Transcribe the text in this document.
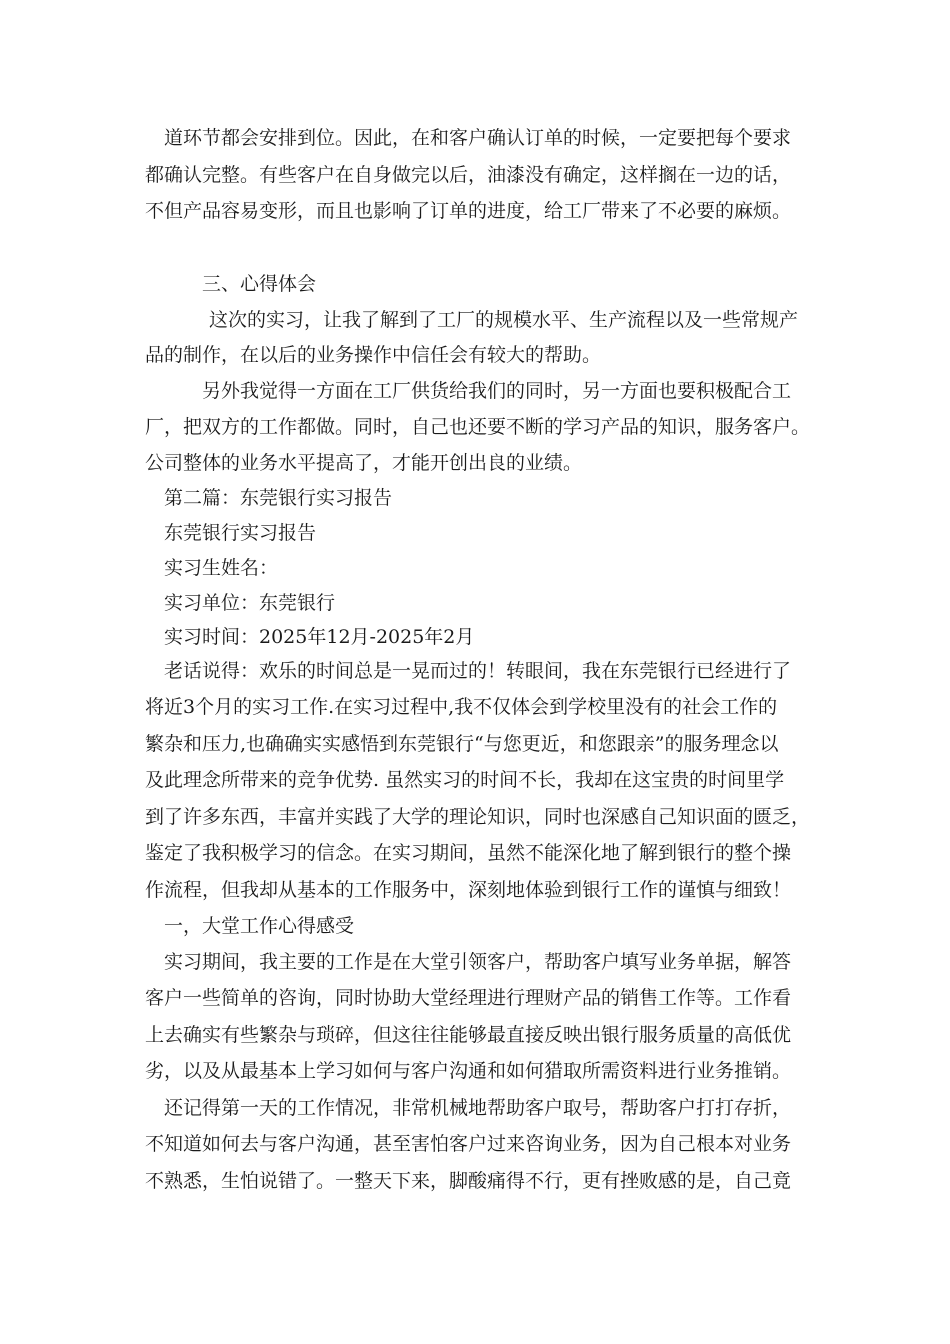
道环节都会安排到位。因此，在和客户确认订单的时候，一定要把每个要求
都确认完整。有些客户在自身做完以后，油漆没有确定，这样搁在一边的话，
不但产品容易变形，而且也影响了订单的进度，给工厂带来了不必要的麻烦。
三、心得体会
这次的实习，让我了解到了工厂的规模水平、生产流程以及一些常规产
品的制作，在以后的业务操作中信任会有较大的帮助。
另外我觉得一方面在工厂供货给我们的同时，另一方面也要积极配合工
厂，把双方的工作都做。同时，自己也还要不断的学习产品的知识，服务客户。
公司整体的业务水平提高了，才能开创出良的业绩。
第二篇：东莞银行实习报告
东莞银行实习报告
实习生姓名：
实习单位：东莞银行
实习时间：2025年12月-2025年2月
老话说得：欢乐的时间总是一晃而过的！转眼间，我在东莞银行已经进行了
将近3个月的实习工作.在实习过程中,我不仅体会到学校里没有的社会工作的
繁杂和压力,也确确实实感悟到东莞银行“与您更近，和您跟亲”的服务理念以
及此理念所带来的竞争优势. 虽然实习的时间不长，我却在这宝贵的时间里学
到了许多东西，丰富并实践了大学的理论知识，同时也深感自己知识面的匮乏，
鉴定了我积极学习的信念。在实习期间，虽然不能深化地了解到银行的整个操
作流程，但我却从基本的工作服务中，深刻地体验到银行工作的谨慎与细致！
一，大堂工作心得感受
实习期间，我主要的工作是在大堂引领客户，帮助客户填写业务单据，解答
客户一些简单的咨询，同时协助大堂经理进行理财产品的销售工作等。工作看
上去确实有些繁杂与琐碎，但这往往能够最直接反映出银行服务质量的高低优
劣，以及从最基本上学习如何与客户沟通和如何猎取所需资料进行业务推销。
还记得第一天的工作情况，非常机械地帮助客户取号，帮助客户打打存折，
不知道如何去与客户沟通，甚至害怕客户过来咨询业务，因为自己根本对业务
不熟悉，生怕说错了。一整天下来，脚酸痛得不行，更有挫败感的是，自己竟
